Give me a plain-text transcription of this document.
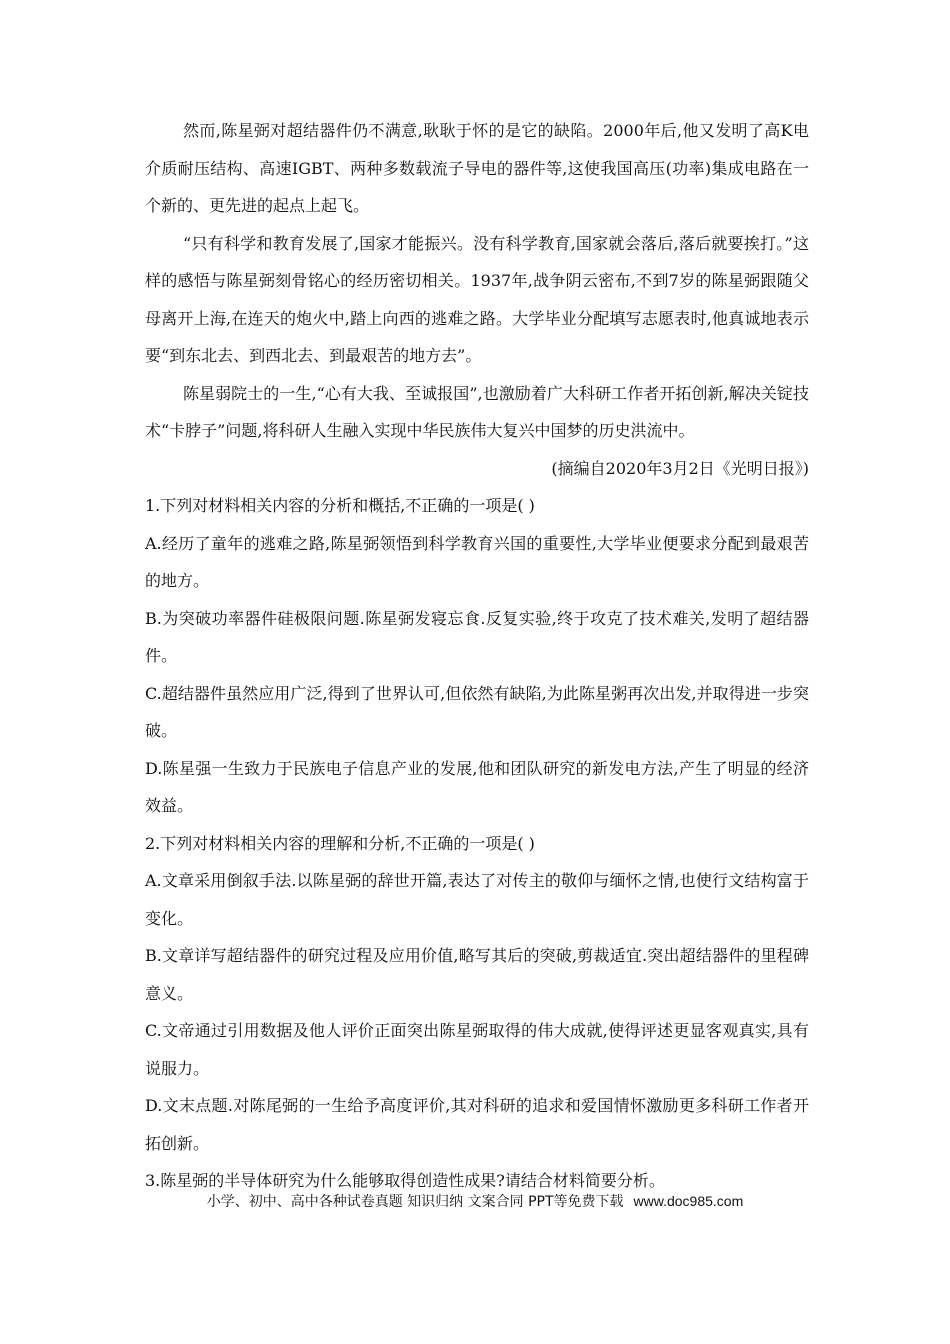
然而,陈星弼对超结器件仍不满意,耿耿于怀的是它的缺陷。2000年后,他又发明了高K电介质耐压结构、高速IGBT、两种多数载流子导电的器件等,这使我国高压(功率)集成电路在一个新的、更先进的起点上起飞。

“只有科学和教育发展了,国家才能振兴。没有科学教育,国家就会落后,落后就要挨打。”这样的感悟与陈星弼刻骨铭心的经历密切相关。1937年,战争阴云密布,不到7岁的陈星弼跟随父母离开上海,在连天的炮火中,踏上向西的逃难之路。大学毕业分配填写志愿表时,他真诚地表示要“到东北去、到西北去、到最艰苦的地方去”。

陈星弱院士的一生,“心有大我、至诚报国”,也激励着广大科研工作者开拓创新,解决关锭技术“卡脖子”问题,将科研人生融入实现中华民族伟大复兴中国梦的历史洪流中。

(摘编自2020年3月2日《光明日报》)

1.下列对材料相关内容的分析和概括,不正确的一项是( )

A.经历了童年的逃难之路,陈星弼领悟到科学教育兴国的重要性,大学毕业便要求分配到最艰苦的地方。

B.为突破功率器件硅极限问题.陈星弼发寝忘食.反复实验,终于攻克了技术难关,发明了超结器件。

C.超结器件虽然应用广泛,得到了世界认可,但依然有缺陷,为此陈星粥再次出发,并取得进一步突破。

D.陈星强一生致力于民族电子信息产业的发展,他和团队研究的新发电方法,产生了明显的经济效益。

2.下列对材料相关内容的理解和分析,不正确的一项是( )

A.文章采用倒叙手法.以陈星弼的辞世开篇,表达了对传主的敬仰与缅怀之情,也使行文结构富于变化。

B.文章详写超结器件的研究过程及应用价值,略写其后的突破,剪裁适宜.突出超结器件的里程碑意义。

C.文帝通过引用数据及他人评价正面突出陈星弼取得的伟大成就,使得评述更显客观真实,具有说服力。

D.文末点题.对陈尾弼的一生给予高度评价,其对科研的追求和爱国情怀激励更多科研工作者开拓创新。

3.陈星弼的半导体研究为什么能够取得创造性成果?请结合材料简要分析。

小学、初中、高中各种试卷真题 知识归纳 文案合同 PPT等免费下载 www.doc985.com
